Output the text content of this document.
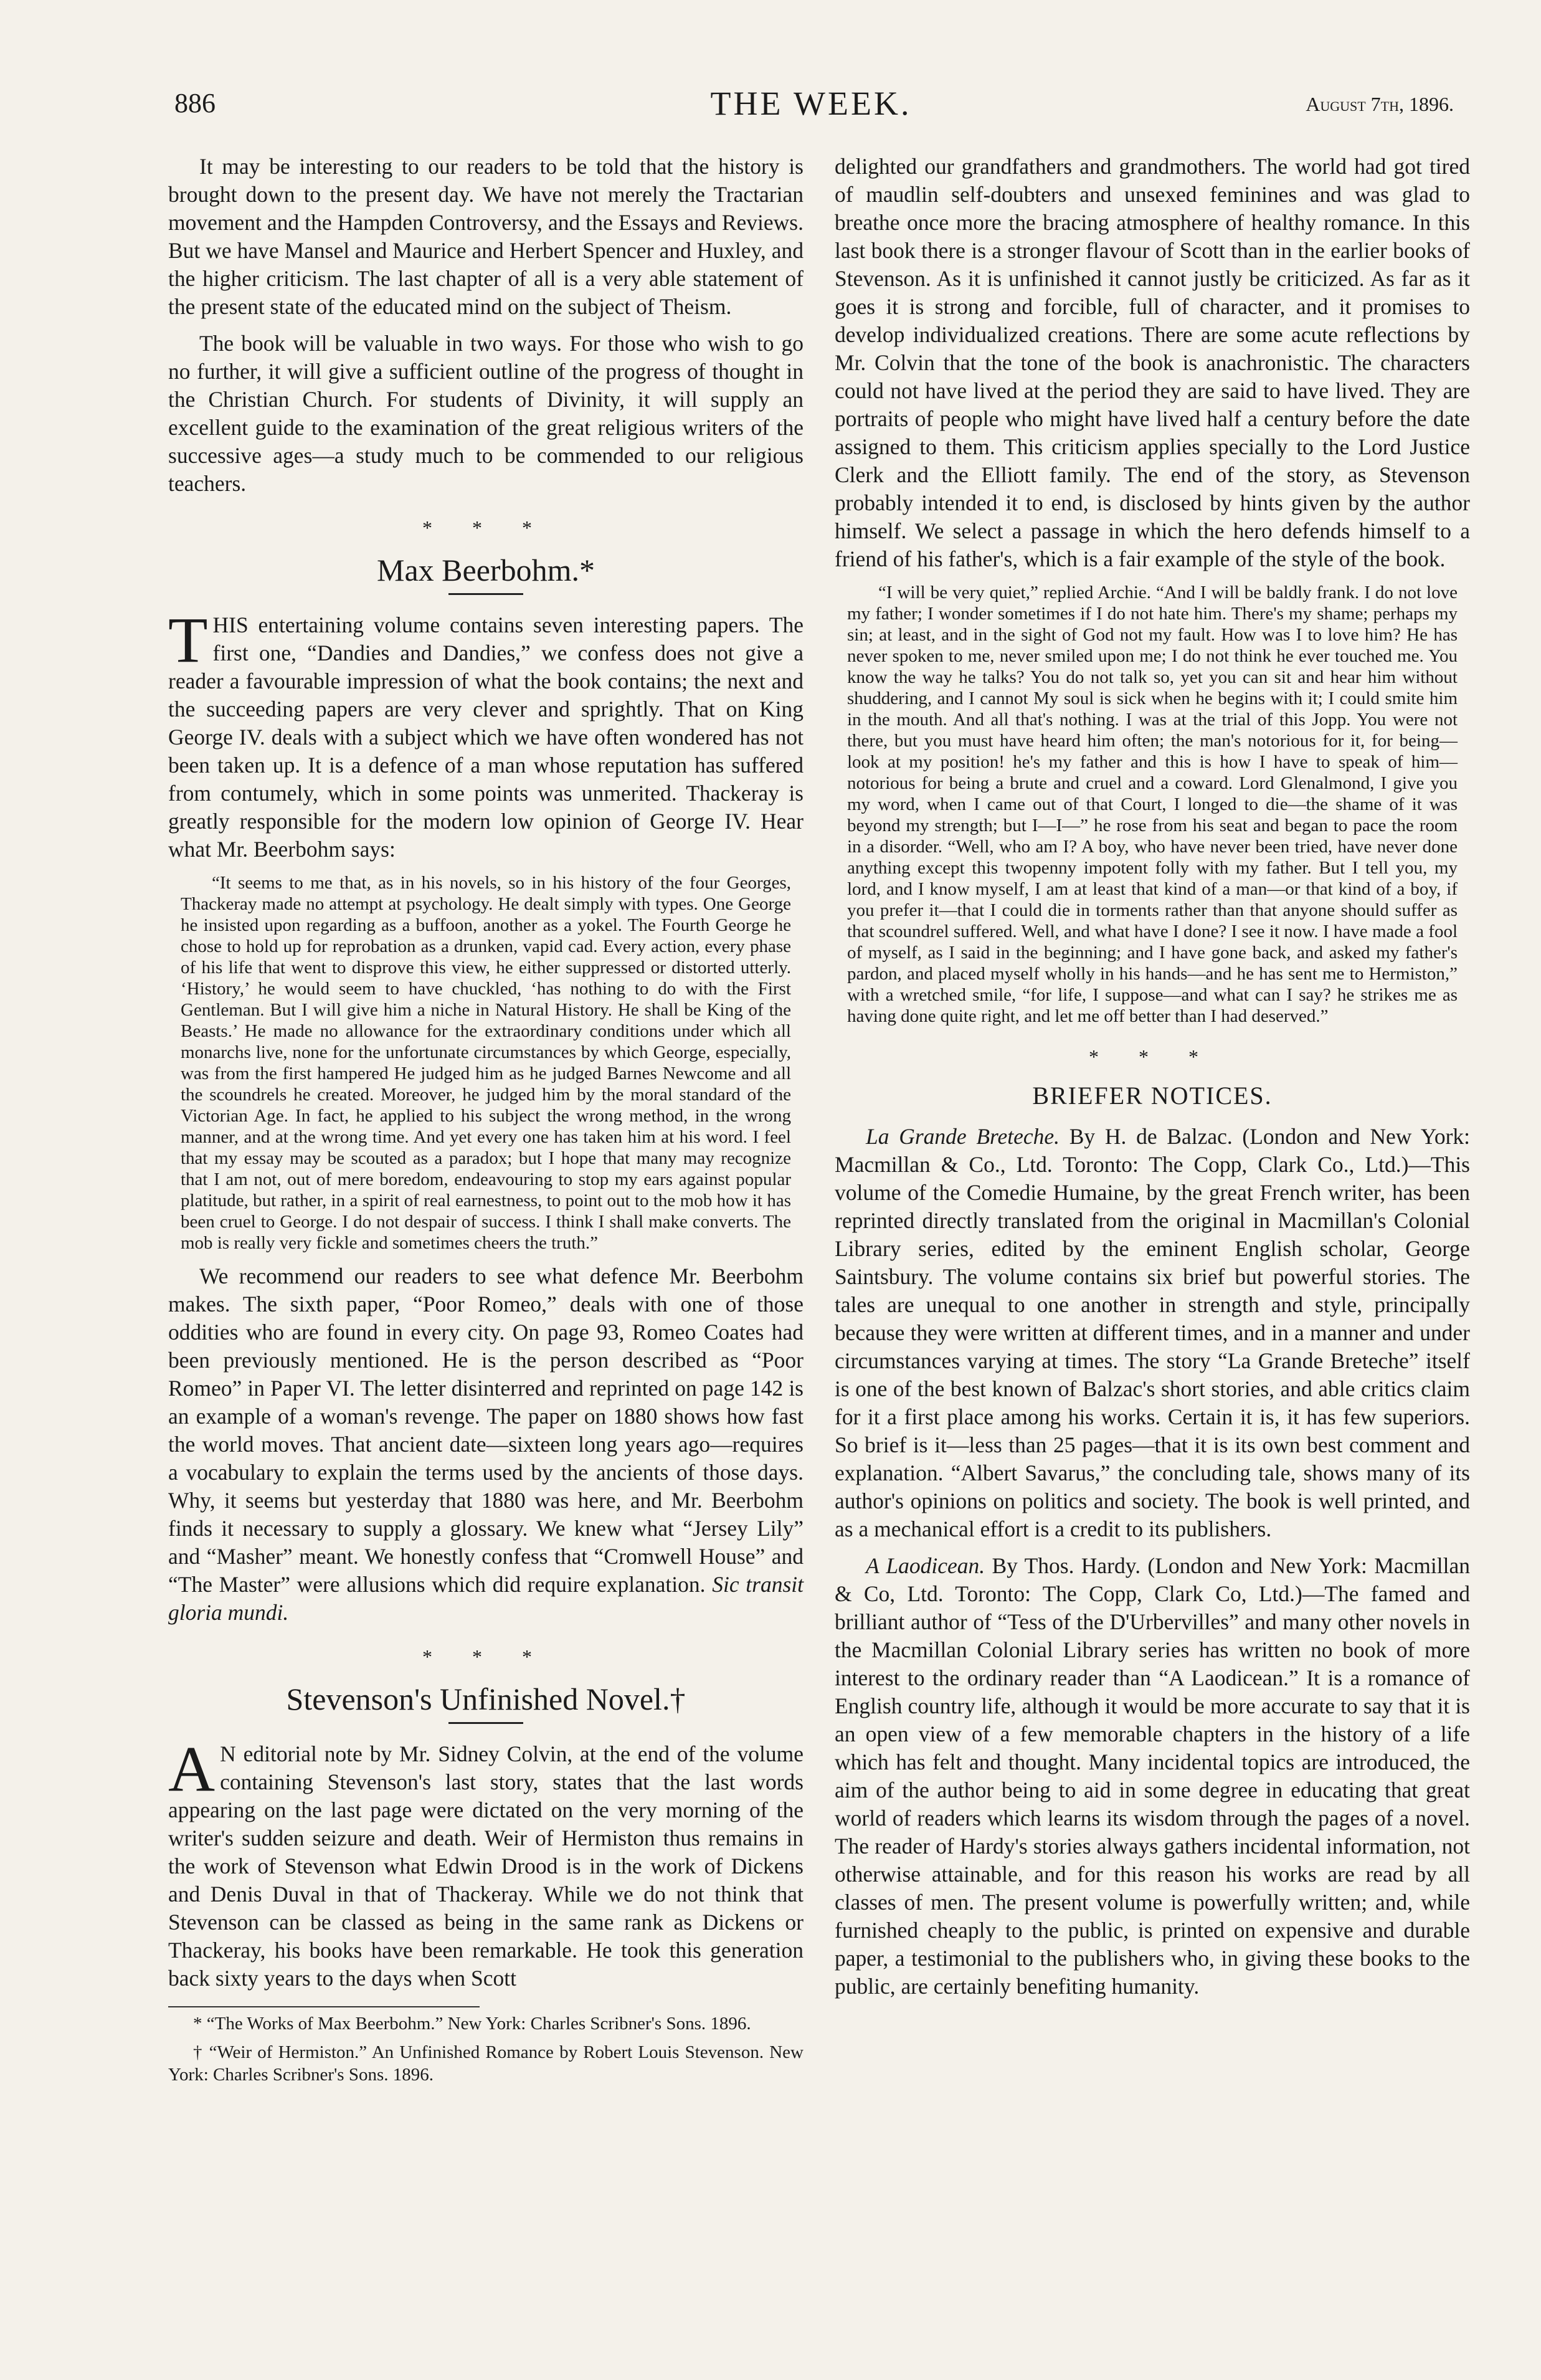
886	THE WEEK.	August 7th, 1896.

It may be interesting to our readers to be told that the history is brought down to the present day. We have not merely the Tractarian movement and the Hampden Controversy, and the Essays and Reviews. But we have Mansel and Maurice and Herbert Spencer and Huxley, and the higher criticism. The last chapter of all is a very able statement of the present state of the educated mind on the subject of Theism.

The book will be valuable in two ways. For those who wish to go no further, it will give a sufficient outline of the progress of thought in the Christian Church. For students of Divinity, it will supply an excellent guide to the examination of the great religious writers of the successive ages—a study much to be commended to our religious teachers.

* * *
Max Beerbohm.*

THIS entertaining volume contains seven interesting papers. The first one, “Dandies and Dandies,” we confess does not give a reader a favourable impression of what the book contains; the next and the succeeding papers are very clever and sprightly. That on King George IV. deals with a subject which we have often wondered has not been taken up. It is a defence of a man whose reputation has suffered from contumely, which in some points was unmerited. Thackeray is greatly responsible for the modern low opinion of George IV. Hear what Mr. Beerbohm says:

“It seems to me that, as in his novels, so in his history of the four Georges, Thackeray made no attempt at psychology. He dealt simply with types. One George he insisted upon regarding as a buffoon, another as a yokel. The Fourth George he chose to hold up for reprobation as a drunken, vapid cad. Every action, every phase of his life that went to disprove this view, he either suppressed or distorted utterly. ‘History,’ he would seem to have chuckled, ‘has nothing to do with the First Gentleman. But I will give him a niche in Natural History. He shall be King of the Beasts.’ He made no allowance for the extraordinary conditions under which all monarchs live, none for the unfortunate circumstances by which George, especially, was from the first hampered He judged him as he judged Barnes Newcome and all the scoundrels he created. Moreover, he judged him by the moral standard of the Victorian Age. In fact, he applied to his subject the wrong method, in the wrong manner, and at the wrong time. And yet every one has taken him at his word. I feel that my essay may be scouted as a paradox; but I hope that many may recognize that I am not, out of mere boredom, endeavouring to stop my ears against popular platitude, but rather, in a spirit of real earnestness, to point out to the mob how it has been cruel to George. I do not despair of success. I think I shall make converts. The mob is really very fickle and sometimes cheers the truth.”

We recommend our readers to see what defence Mr. Beerbohm makes. The sixth paper, “Poor Romeo,” deals with one of those oddities who are found in every city. On page 93, Romeo Coates had been previously mentioned. He is the person described as “Poor Romeo” in Paper VI. The letter disinterred and reprinted on page 142 is an example of a woman's revenge. The paper on 1880 shows how fast the world moves. That ancient date—sixteen long years ago—requires a vocabulary to explain the terms used by the ancients of those days. Why, it seems but yesterday that 1880 was here, and Mr. Beerbohm finds it necessary to supply a glossary. We knew what “Jersey Lily” and “Masher” meant. We honestly confess that “Cromwell House” and “The Master” were allusions which did require explanation. Sic transit gloria mundi.

* * *
Stevenson's Unfinished Novel.†

A N editorial note by Mr. Sidney Colvin, at the end of the volume containing Stevenson's last story, states that the last words appearing on the last page were dictated on the very morning of the writer's sudden seizure and death. Weir of Hermiston thus remains in the work of Stevenson what Edwin Drood is in the work of Dickens and Denis Duval in that of Thackeray. While we do not think that Stevenson can be classed as being in the same rank as Dickens or Thackeray, his books have been remarkable. He took this generation back sixty years to the days when Scott

* “The Works of Max Beerbohm.” New York: Charles Scribner's Sons. 1896.

† “Weir of Hermiston.” An Unfinished Romance by Robert Louis Stevenson. New York: Charles Scribner's Sons. 1896.

delighted our grandfathers and grandmothers. The world had got tired of maudlin self-doubters and unsexed feminines and was glad to breathe once more the bracing atmosphere of healthy romance. In this last book there is a stronger flavour of Scott than in the earlier books of Stevenson. As it is unfinished it cannot justly be criticized. As far as it goes it is strong and forcible, full of character, and it promises to develop individualized creations. There are some acute reflections by Mr. Colvin that the tone of the book is anachronistic. The characters could not have lived at the period they are said to have lived. They are portraits of people who might have lived half a century before the date assigned to them. This criticism applies specially to the Lord Justice Clerk and the Elliott family. The end of the story, as Stevenson probably intended it to end, is disclosed by hints given by the author himself. We select a passage in which the hero defends himself to a friend of his father's, which is a fair example of the style of the book.

“I will be very quiet,” replied Archie. “And I will be baldly frank. I do not love my father; I wonder sometimes if I do not hate him. There's my shame; perhaps my sin; at least, and in the sight of God not my fault. How was I to love him? He has never spoken to me, never smiled upon me; I do not think he ever touched me. You know the way he talks? You do not talk so, yet you can sit and hear him without shuddering, and I cannot My soul is sick when he begins with it; I could smite him in the mouth. And all that's nothing. I was at the trial of this Jopp. You were not there, but you must have heard him often; the man's notorious for it, for being—look at my position! he's my father and this is how I have to speak of him—notorious for being a brute and cruel and a coward. Lord Glenalmond, I give you my word, when I came out of that Court, I longed to die—the shame of it was beyond my strength; but I—I—” he rose from his seat and began to pace the room in a disorder. “Well, who am I? A boy, who have never been tried, have never done anything except this twopenny impotent folly with my father. But I tell you, my lord, and I know myself, I am at least that kind of a man—or that kind of a boy, if you prefer it—that I could die in torments rather than that anyone should suffer as that scoundrel suffered. Well, and what have I done? I see it now. I have made a fool of myself, as I said in the beginning; and I have gone back, and asked my father's pardon, and placed myself wholly in his hands—and he has sent me to Hermiston,” with a wretched smile, “for life, I suppose—and what can I say? he strikes me as having done quite right, and let me off better than I had deserved.”

* * *
BRIEFER NOTICES.

La Grande Breteche. By H. de Balzac. (London and New York: Macmillan & Co., Ltd. Toronto: The Copp, Clark Co., Ltd.)—This volume of the Comedie Humaine, by the great French writer, has been reprinted directly translated from the original in Macmillan's Colonial Library series, edited by the eminent English scholar, George Saintsbury. The volume contains six brief but powerful stories. The tales are unequal to one another in strength and style, principally because they were written at different times, and in a manner and under circumstances varying at times. The story “La Grande Breteche” itself is one of the best known of Balzac's short stories, and able critics claim for it a first place among his works. Certain it is, it has few superiors. So brief is it—less than 25 pages—that it is its own best comment and explanation. “Albert Savarus,” the concluding tale, shows many of its author's opinions on politics and society. The book is well printed, and as a mechanical effort is a credit to its publishers.

A Laodicean. By Thos. Hardy. (London and New York: Macmillan & Co, Ltd. Toronto: The Copp, Clark Co, Ltd.)—The famed and brilliant author of “Tess of the D'Urbervilles” and many other novels in the Macmillan Colonial Library series has written no book of more interest to the ordinary reader than “A Laodicean.” It is a romance of English country life, although it would be more accurate to say that it is an open view of a few memorable chapters in the history of a life which has felt and thought. Many incidental topics are introduced, the aim of the author being to aid in some degree in educating that great world of readers which learns its wisdom through the pages of a novel. The reader of Hardy's stories always gathers incidental information, not otherwise attainable, and for this reason his works are read by all classes of men. The present volume is powerfully written; and, while furnished cheaply to the public, is printed on expensive and durable paper, a testimonial to the publishers who, in giving these books to the public, are certainly benefiting humanity.
